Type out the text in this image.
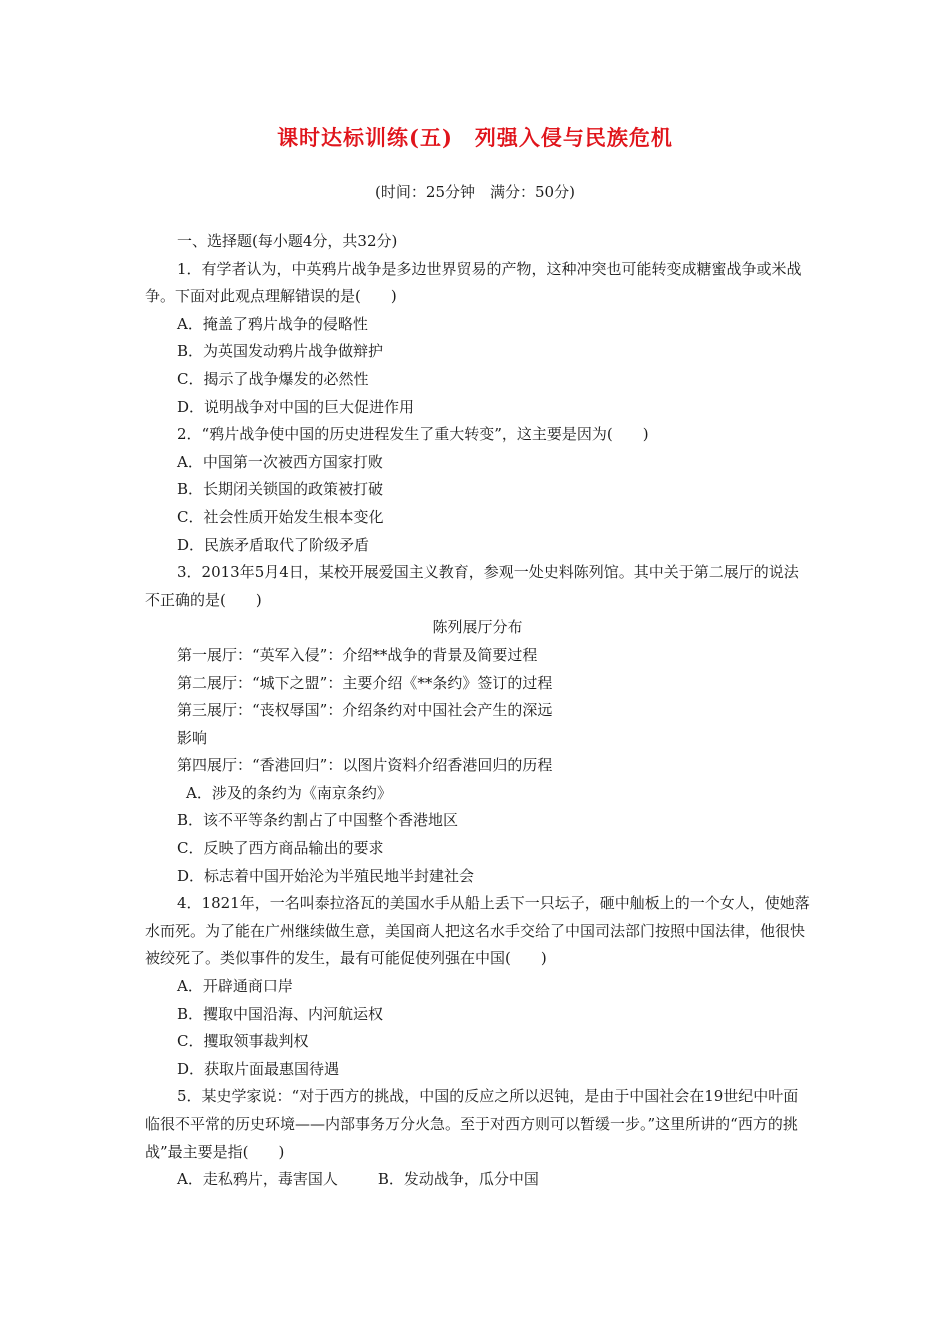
课时达标训练(五)　列强入侵与民族危机
(时间：25分钟　满分：50分)
一、选择题(每小题4分，共32分)
1．有学者认为，中英鸦片战争是多边世界贸易的产物，这种冲突也可能转变成糖蜜战争或米战争。下面对此观点理解错误的是(　　)
A．掩盖了鸦片战争的侵略性
B．为英国发动鸦片战争做辩护
C．揭示了战争爆发的必然性
D．说明战争对中国的巨大促进作用
2．“鸦片战争使中国的历史进程发生了重大转变”，这主要是因为(　　)
A．中国第一次被西方国家打败
B．长期闭关锁国的政策被打破
C．社会性质开始发生根本变化
D．民族矛盾取代了阶级矛盾
3．2013年5月4日，某校开展爱国主义教育，参观一处史料陈列馆。其中关于第二展厅的说法不正确的是(　　)
陈列展厅分布
第一展厅：“英军入侵”：介绍**战争的背景及简要过程
第二展厅：“城下之盟”：主要介绍《**条约》签订的过程
第三展厅：“丧权辱国”：介绍条约对中国社会产生的深远
影响
第四展厅：“香港回归”：以图片资料介绍香港回归的历程
A．涉及的条约为《南京条约》
B．该不平等条约割占了中国整个香港地区
C．反映了西方商品输出的要求
D．标志着中国开始沦为半殖民地半封建社会
4．1821年，一名叫泰拉洛瓦的美国水手从船上丢下一只坛子，砸中舢板上的一个女人，使她落水而死。为了能在广州继续做生意，美国商人把这名水手交给了中国司法部门按照中国法律，他很快被绞死了。类似事件的发生，最有可能促使列强在中国(　　)
A．开辟通商口岸
B．攫取中国沿海、内河航运权
C．攫取领事裁判权
D．获取片面最惠国待遇
5．某史学家说：“对于西方的挑战，中国的反应之所以迟钝，是由于中国社会在19世纪中叶面临很不平常的历史环境——内部事务万分火急。至于对西方则可以暂缓一步。”这里所讲的“西方的挑战”最主要是指(　　)
A．走私鸦片，毒害国人	B．发动战争，瓜分中国
